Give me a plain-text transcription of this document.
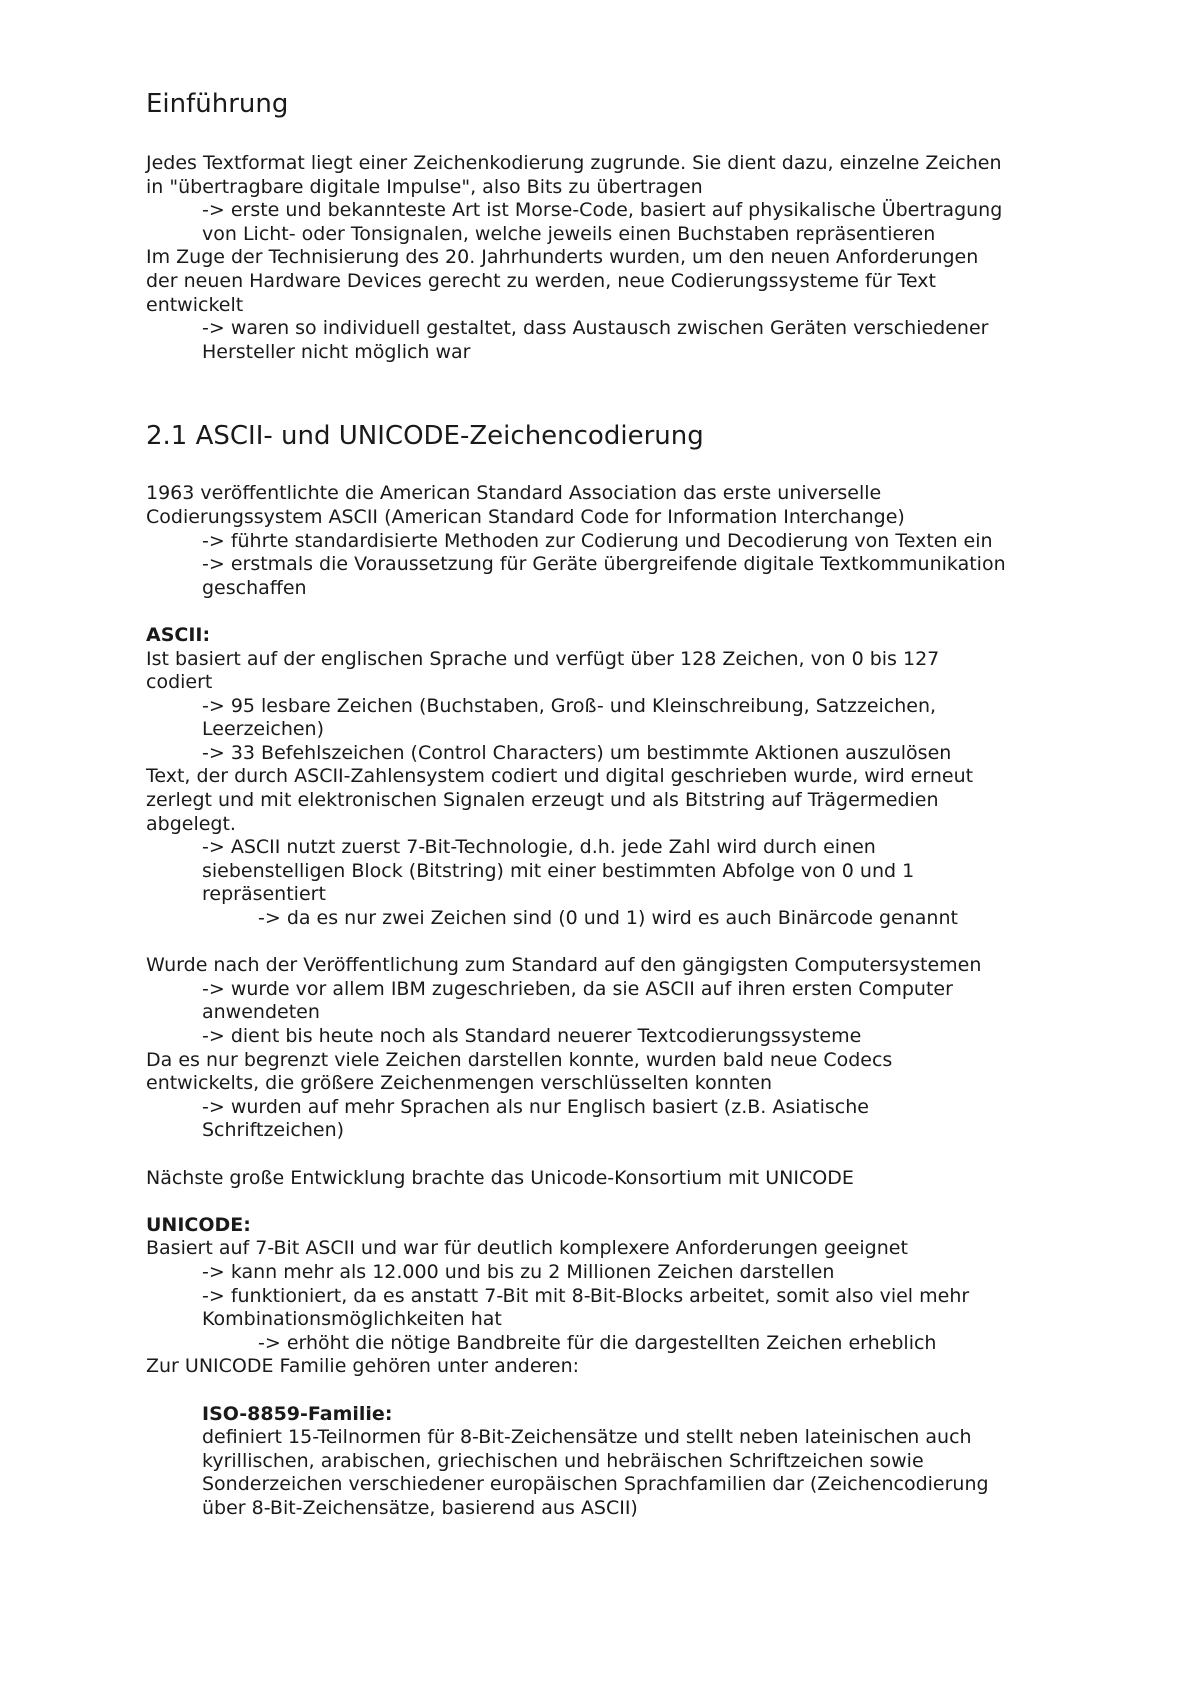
Einführung

Jedes Textformat liegt einer Zeichenkodierung zugrunde. Sie dient dazu, einzelne Zeichen

in "übertragbare digitale Impulse", also Bits zu übertragen

-> erste und bekannteste Art ist Morse-Code, basiert auf physikalische Übertragung

von Licht- oder Tonsignalen, welche jeweils einen Buchstaben repräsentieren

Im Zuge der Technisierung des 20. Jahrhunderts wurden, um den neuen Anforderungen

der neuen Hardware Devices gerecht zu werden, neue Codierungssysteme für Text

entwickelt

-> waren so individuell gestaltet, dass Austausch zwischen Geräten verschiedener

Hersteller nicht möglich war

2.1 ASCII- und UNICODE-Zeichencodierung

1963 veröffentlichte die American Standard Association das erste universelle

Codierungssystem ASCII (American Standard Code for Information Interchange)

-> führte standardisierte Methoden zur Codierung und Decodierung von Texten ein

-> erstmals die Voraussetzung für Geräte übergreifende digitale Textkommunikation

geschaffen

ASCII:

Ist basiert auf der englischen Sprache und verfügt über 128 Zeichen, von 0 bis 127

codiert

-> 95 lesbare Zeichen (Buchstaben, Groß- und Kleinschreibung, Satzzeichen,

Leerzeichen)

-> 33 Befehlszeichen (Control Characters) um bestimmte Aktionen auszulösen

Text, der durch ASCII-Zahlensystem codiert und digital geschrieben wurde, wird erneut

zerlegt und mit elektronischen Signalen erzeugt und als Bitstring auf Trägermedien

abgelegt.

-> ASCII nutzt zuerst 7-Bit-Technologie, d.h. jede Zahl wird durch einen

siebenstelligen Block (Bitstring) mit einer bestimmten Abfolge von 0 und 1

repräsentiert

-> da es nur zwei Zeichen sind (0 und 1) wird es auch Binärcode genannt

Wurde nach der Veröffentlichung zum Standard auf den gängigsten Computersystemen

-> wurde vor allem IBM zugeschrieben, da sie ASCII auf ihren ersten Computer

anwendeten

-> dient bis heute noch als Standard neuerer Textcodierungssysteme

Da es nur begrenzt viele Zeichen darstellen konnte, wurden bald neue Codecs

entwickelts, die größere Zeichenmengen verschlüsselten konnten

-> wurden auf mehr Sprachen als nur Englisch basiert (z.B. Asiatische

Schriftzeichen)

Nächste große Entwicklung brachte das Unicode-Konsortium mit UNICODE

UNICODE:

Basiert auf 7-Bit ASCII und war für deutlich komplexere Anforderungen geeignet

-> kann mehr als 12.000 und bis zu 2 Millionen Zeichen darstellen

-> funktioniert, da es anstatt 7-Bit mit 8-Bit-Blocks arbeitet, somit also viel mehr

Kombinationsmöglichkeiten hat

-> erhöht die nötige Bandbreite für die dargestellten Zeichen erheblich

Zur UNICODE Familie gehören unter anderen:

ISO-8859-Familie:

definiert 15-Teilnormen für 8-Bit-Zeichensätze und stellt neben lateinischen auch

kyrillischen, arabischen, griechischen und hebräischen Schriftzeichen sowie

Sonderzeichen verschiedener europäischen Sprachfamilien dar (Zeichencodierung

über 8-Bit-Zeichensätze, basierend aus ASCII)
